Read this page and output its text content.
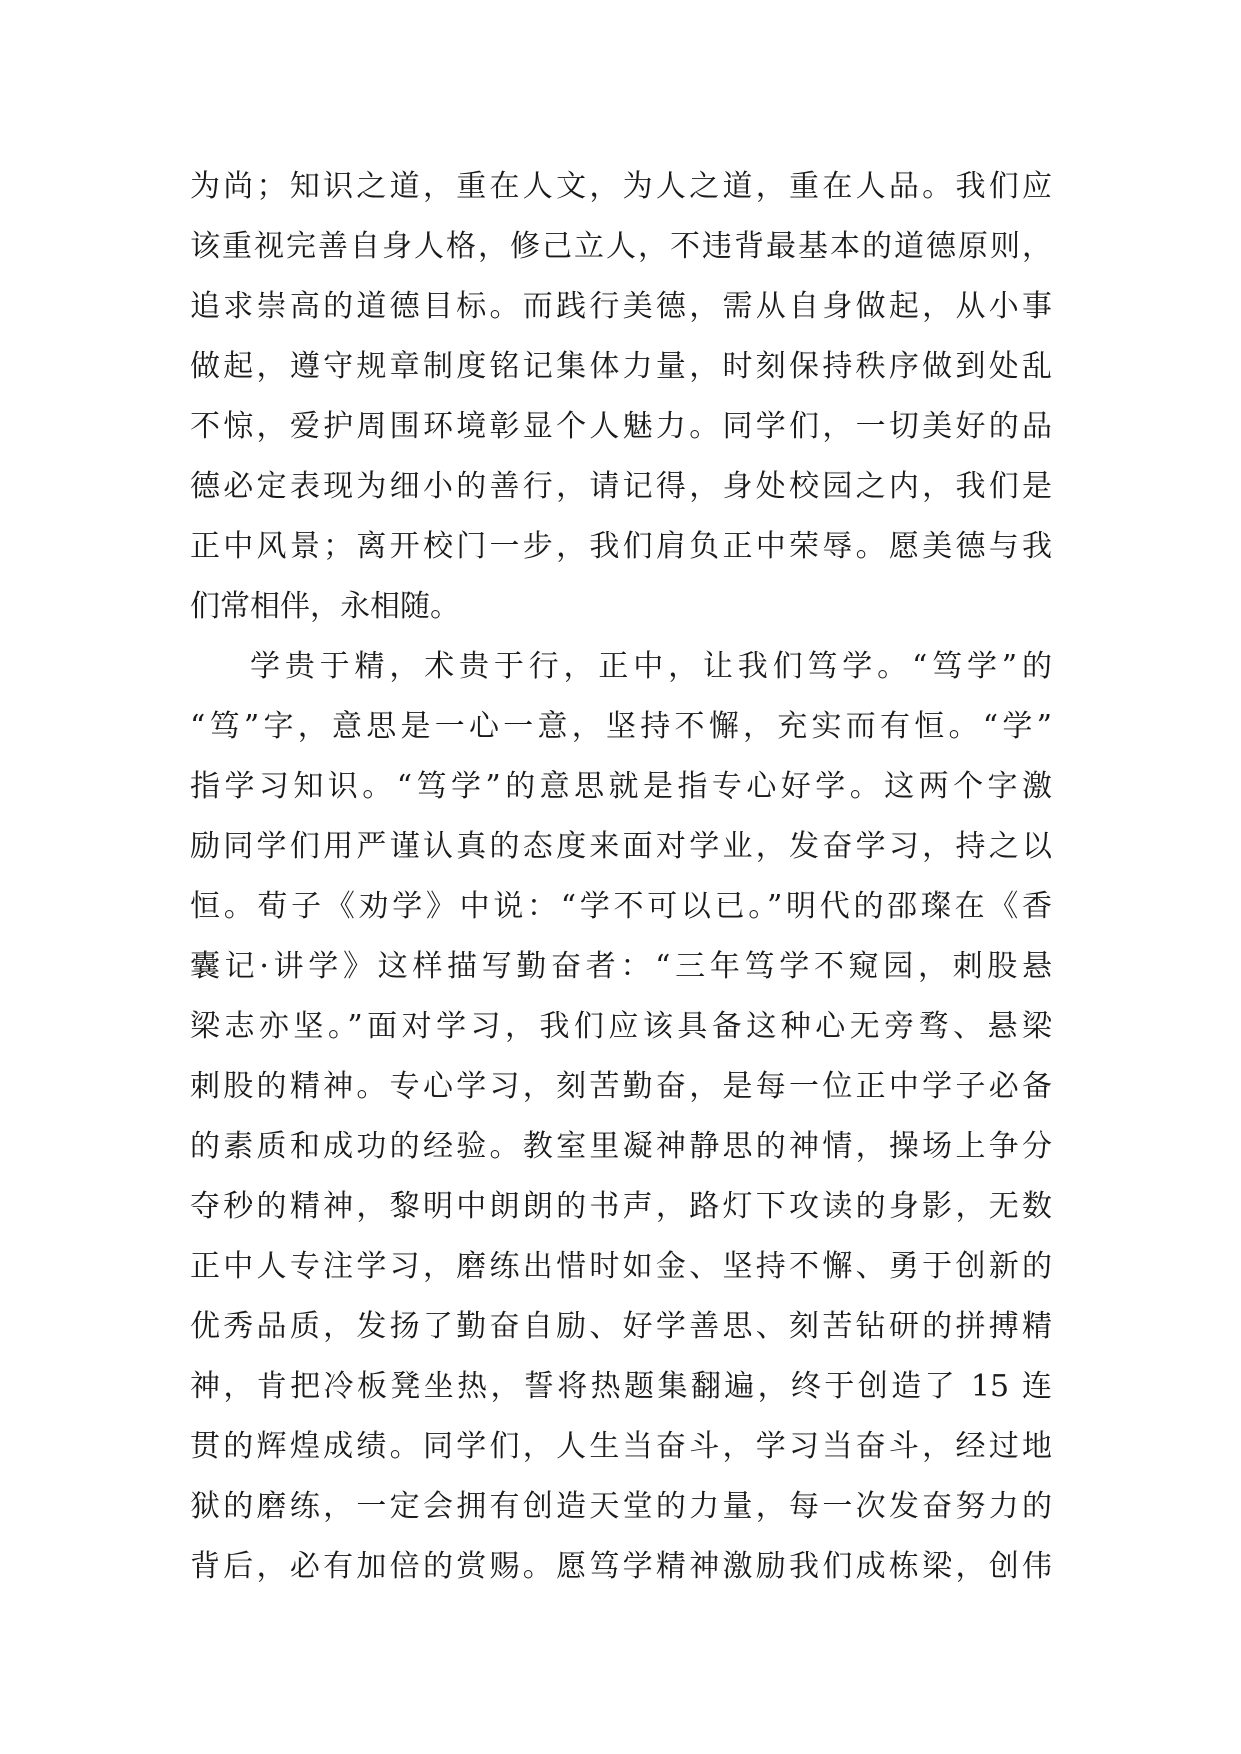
为尚；知识之道，重在人文，为人之道，重在人品。我们应
该重视完善自身人格，修己立人，不违背最基本的道德原则，
追求崇高的道德目标。而践行美德，需从自身做起，从小事
做起，遵守规章制度铭记集体力量，时刻保持秩序做到处乱
不惊，爱护周围环境彰显个人魅力。同学们，一切美好的品
德必定表现为细小的善行，请记得，身处校园之内，我们是
正中风景；离开校门一步，我们肩负正中荣辱。愿美德与我
们常相伴，永相随。
学贵于精，术贵于行，正中，让我们笃学。“笃学”的
“笃”字，意思是一心一意，坚持不懈，充实而有恒。“学”
指学习知识。“笃学”的意思就是指专心好学。这两个字激
励同学们用严谨认真的态度来面对学业，发奋学习，持之以
恒。荀子《劝学》中说：“学不可以已。”明代的邵璨在《香
囊记·讲学》这样描写勤奋者：“三年笃学不窥园，刺股悬
梁志亦坚。”面对学习，我们应该具备这种心无旁骛、悬梁
刺股的精神。专心学习，刻苦勤奋，是每一位正中学子必备
的素质和成功的经验。教室里凝神静思的神情，操场上争分
夺秒的精神，黎明中朗朗的书声，路灯下攻读的身影，无数
正中人专注学习，磨练出惜时如金、坚持不懈、勇于创新的
优秀品质，发扬了勤奋自励、好学善思、刻苦钻研的拼搏精
神，肯把冷板凳坐热，誓将热题集翻遍，终于创造了 15 连
贯的辉煌成绩。同学们，人生当奋斗，学习当奋斗，经过地
狱的磨练，一定会拥有创造天堂的力量，每一次发奋努力的
背后，必有加倍的赏赐。愿笃学精神激励我们成栋梁，创伟
